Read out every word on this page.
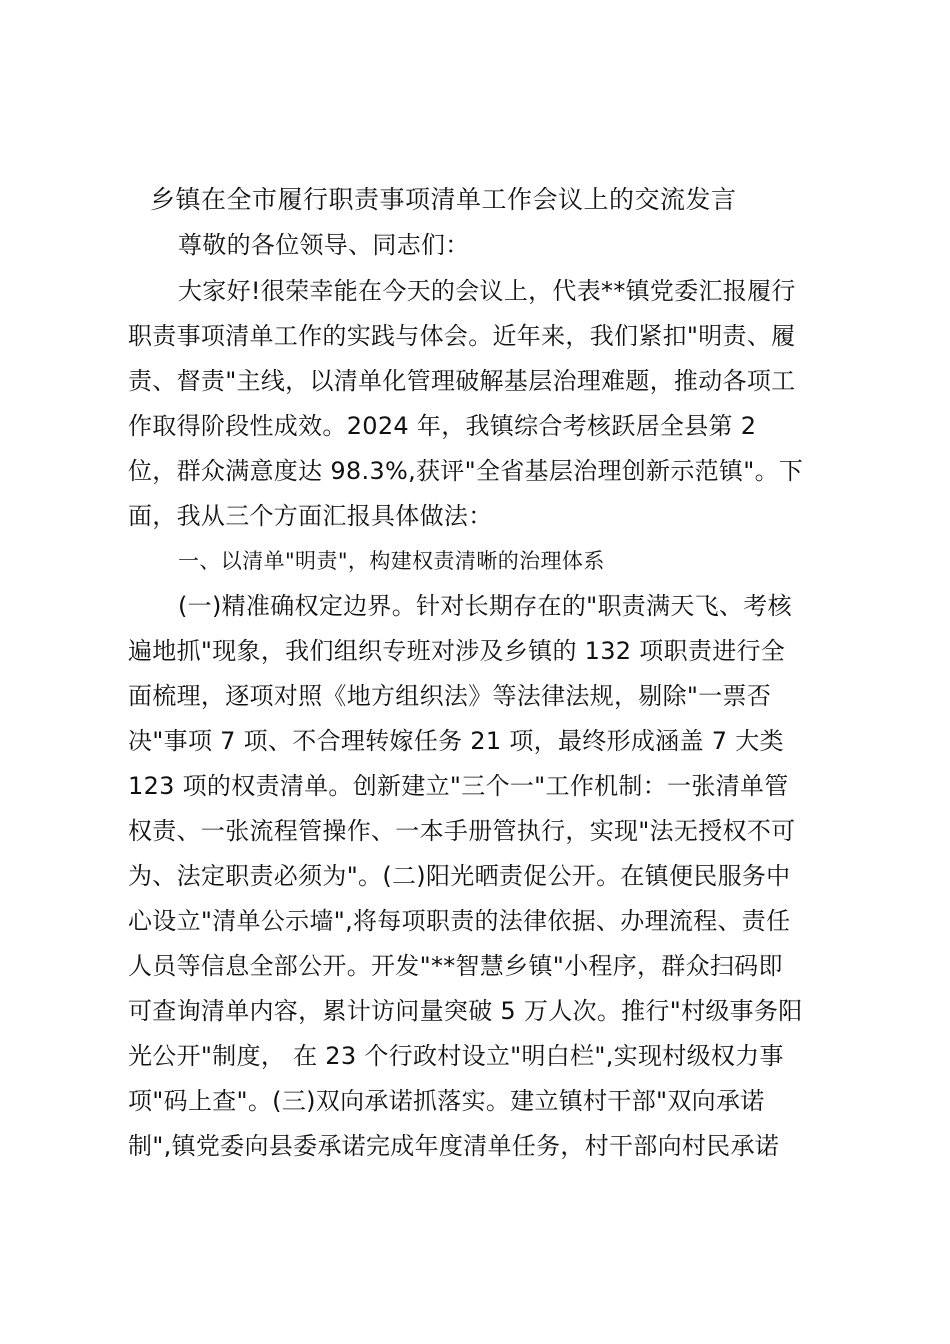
乡镇在全市履行职责事项清单工作会议上的交流发言
尊敬的各位领导、同志们：
大家好!很荣幸能在今天的会议上，代表**镇党委汇报履行
职责事项清单工作的实践与体会。近年来，我们紧扣"明责、履
责、督责"主线，以清单化管理破解基层治理难题，推动各项工
作取得阶段性成效。2024 年，我镇综合考核跃居全县第 2
位，群众满意度达 98.3%,获评"全省基层治理创新示范镇"。下
面，我从三个方面汇报具体做法：
一、以清单"明责"，构建权责清晰的治理体系
(一)精准确权定边界。针对长期存在的"职责满天飞、考核
遍地抓"现象，我们组织专班对涉及乡镇的 132 项职责进行全
面梳理，逐项对照《地方组织法》等法律法规，剔除"一票否
决"事项 7 项、不合理转嫁任务 21 项，最终形成涵盖 7 大类
123 项的权责清单。创新建立"三个一"工作机制：一张清单管
权责、一张流程管操作、一本手册管执行，实现"法无授权不可
为、法定职责必须为"。(二)阳光晒责促公开。在镇便民服务中
心设立"清单公示墙",将每项职责的法律依据、办理流程、责任
人员等信息全部公开。开发"**智慧乡镇"小程序，群众扫码即
可查询清单内容，累计访问量突破 5 万人次。推行"村级事务阳
光公开"制度， 在 23 个行政村设立"明白栏",实现村级权力事
项"码上查"。(三)双向承诺抓落实。建立镇村干部"双向承诺
制",镇党委向县委承诺完成年度清单任务，村干部向村民承诺
